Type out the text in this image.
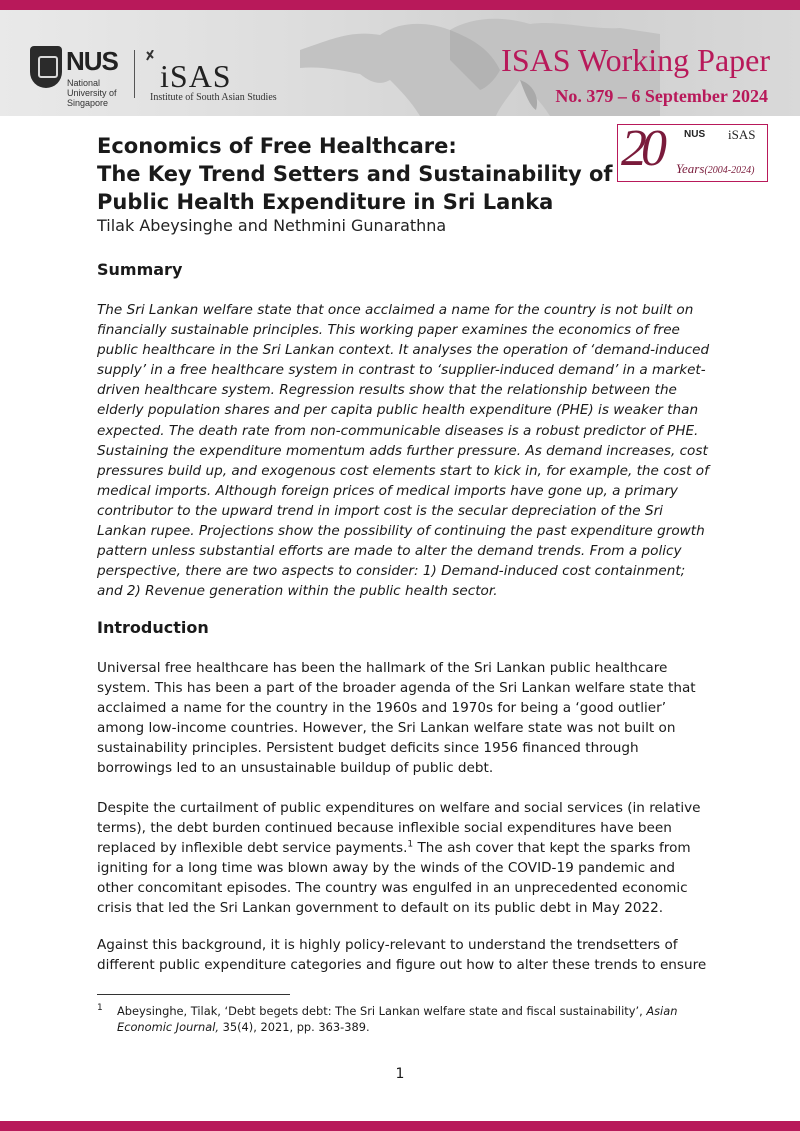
NUS
National University of Singapore
iSAS
Institute of South Asian Studies
ISAS Working Paper
No. 379 – 6 September 2024
20 NUS iSAS
Years(2004-2024)
Economics of Free Healthcare:
The Key Trend Setters and Sustainability of
Public Health Expenditure in Sri Lanka
Tilak Abeysinghe and Nethmini Gunarathna
Summary
The Sri Lankan welfare state that once acclaimed a name for the country is not built on financially sustainable principles. This working paper examines the economics of free public healthcare in the Sri Lankan context. It analyses the operation of ‘demand-induced supply’ in a free healthcare system in contrast to ‘supplier-induced demand’ in a market-driven healthcare system. Regression results show that the relationship between the elderly population shares and per capita public health expenditure (PHE) is weaker than expected. The death rate from non-communicable diseases is a robust predictor of PHE. Sustaining the expenditure momentum adds further pressure. As demand increases, cost pressures build up, and exogenous cost elements start to kick in, for example, the cost of medical imports. Although foreign prices of medical imports have gone up, a primary contributor to the upward trend in import cost is the secular depreciation of the Sri Lankan rupee. Projections show the possibility of continuing the past expenditure growth pattern unless substantial efforts are made to alter the demand trends. From a policy perspective, there are two aspects to consider: 1) Demand-induced cost containment; and 2) Revenue generation within the public health sector.
Introduction
Universal free healthcare has been the hallmark of the Sri Lankan public healthcare system. This has been a part of the broader agenda of the Sri Lankan welfare state that acclaimed a name for the country in the 1960s and 1970s for being a ‘good outlier’ among low-income countries. However, the Sri Lankan welfare state was not built on sustainability principles. Persistent budget deficits since 1956 financed through borrowings led to an unsustainable buildup of public debt.
Despite the curtailment of public expenditures on welfare and social services (in relative terms), the debt burden continued because inflexible social expenditures have been replaced by inflexible debt service payments.$^1$ The ash cover that kept the sparks from igniting for a long time was blown away by the winds of the COVID-19 pandemic and other concomitant episodes. The country was engulfed in an unprecedented economic crisis that led the Sri Lankan government to default on its public debt in May 2022.
Against this background, it is highly policy-relevant to understand the trendsetters of different public expenditure categories and figure out how to alter these trends to ensure
1 Abeysinghe, Tilak, ‘Debt begets debt: The Sri Lankan welfare state and fiscal sustainability’, Asian Economic Journal, 35(4), 2021, pp. 363-389.
1
